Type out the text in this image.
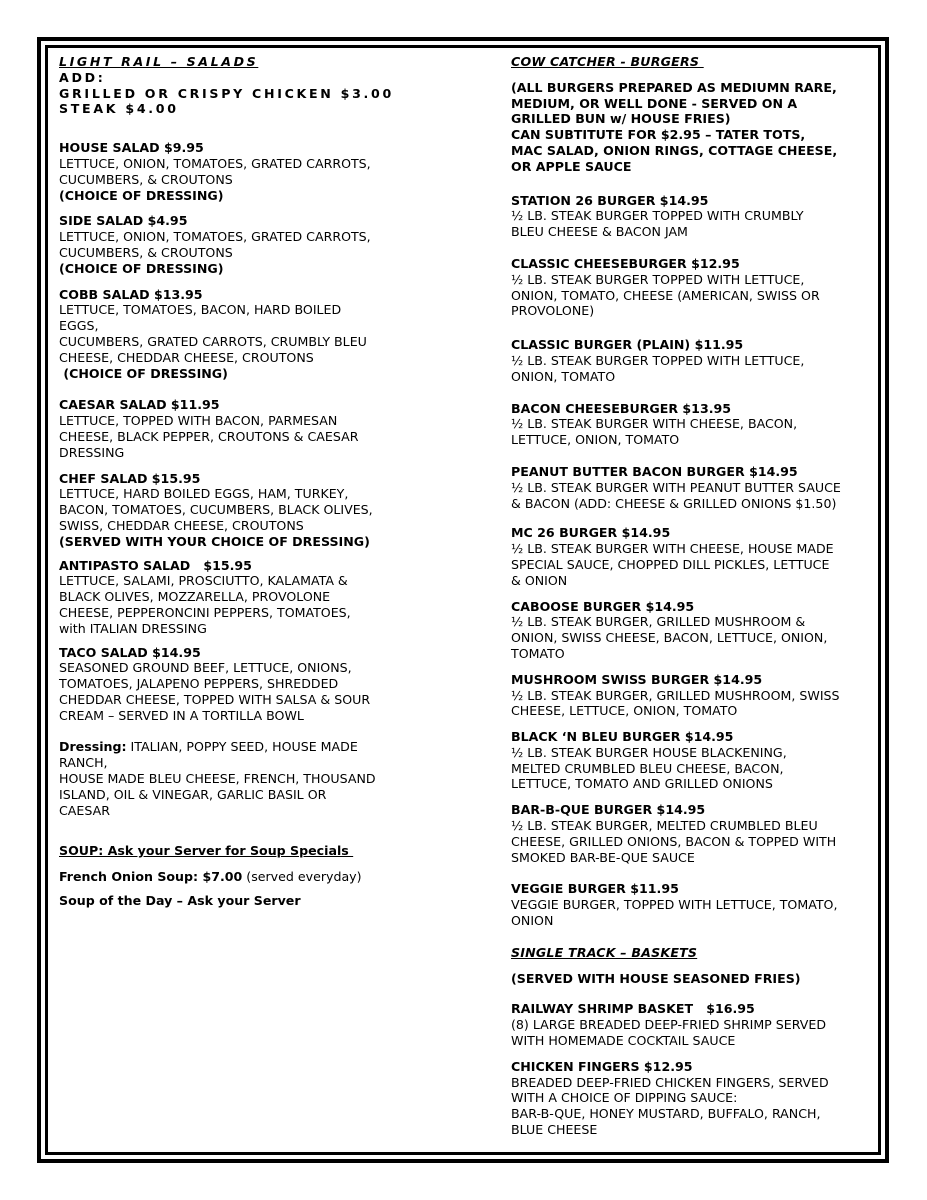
LIGHT RAIL – SALADS
ADD:
GRILLED OR CRISPY CHICKEN $3.00
STEAK $4.00
HOUSE SALAD $9.95
LETTUCE, ONION, TOMATOES, GRATED CARROTS,
CUCUMBERS, & CROUTONS
(CHOICE OF DRESSING)
SIDE SALAD $4.95
LETTUCE, ONION, TOMATOES, GRATED CARROTS,
CUCUMBERS, & CROUTONS
(CHOICE OF DRESSING)
COBB SALAD $13.95
LETTUCE, TOMATOES, BACON, HARD BOILED
EGGS,
CUCUMBERS, GRATED CARROTS, CRUMBLY BLEU
CHEESE, CHEDDAR CHEESE, CROUTONS
(CHOICE OF DRESSING)
CAESAR SALAD $11.95
LETTUCE, TOPPED WITH BACON, PARMESAN
CHEESE, BLACK PEPPER, CROUTONS & CAESAR
DRESSING
CHEF SALAD $15.95
LETTUCE, HARD BOILED EGGS, HAM, TURKEY,
BACON, TOMATOES, CUCUMBERS, BLACK OLIVES,
SWISS, CHEDDAR CHEESE, CROUTONS
(SERVED WITH YOUR CHOICE OF DRESSING)
ANTIPASTO SALAD   $15.95
LETTUCE, SALAMI, PROSCIUTTO, KALAMATA &
BLACK OLIVES, MOZZARELLA, PROVOLONE
CHEESE, PEPPERONCINI PEPPERS, TOMATOES,
with ITALIAN DRESSING
TACO SALAD $14.95
SEASONED GROUND BEEF, LETTUCE, ONIONS,
TOMATOES, JALAPENO PEPPERS, SHREDDED
CHEDDAR CHEESE, TOPPED WITH SALSA & SOUR
CREAM – SERVED IN A TORTILLA BOWL
Dressing: ITALIAN, POPPY SEED, HOUSE MADE
RANCH,
HOUSE MADE BLEU CHEESE, FRENCH, THOUSAND
ISLAND, OIL & VINEGAR, GARLIC BASIL OR
CAESAR
SOUP: Ask your Server for Soup Specials
French Onion Soup: $7.00 (served everyday)
Soup of the Day – Ask your Server
COW CATCHER - BURGERS
(ALL BURGERS PREPARED AS MEDIUMN RARE,
MEDIUM, OR WELL DONE - SERVED ON A
GRILLED BUN w/ HOUSE FRIES)
CAN SUBTITUTE FOR $2.95 – TATER TOTS,
MAC SALAD, ONION RINGS, COTTAGE CHEESE,
OR APPLE SAUCE
STATION 26 BURGER $14.95
½ LB. STEAK BURGER TOPPED WITH CRUMBLY
BLEU CHEESE & BACON JAM
CLASSIC CHEESEBURGER $12.95
½ LB. STEAK BURGER TOPPED WITH LETTUCE,
ONION, TOMATO, CHEESE (AMERICAN, SWISS OR
PROVOLONE)
CLASSIC BURGER (PLAIN) $11.95
½ LB. STEAK BURGER TOPPED WITH LETTUCE,
ONION, TOMATO
BACON CHEESEBURGER $13.95
½ LB. STEAK BURGER WITH CHEESE, BACON,
LETTUCE, ONION, TOMATO
PEANUT BUTTER BACON BURGER $14.95
½ LB. STEAK BURGER WITH PEANUT BUTTER SAUCE
& BACON (ADD: CHEESE & GRILLED ONIONS $1.50)
MC 26 BURGER $14.95
½ LB. STEAK BURGER WITH CHEESE, HOUSE MADE
SPECIAL SAUCE, CHOPPED DILL PICKLES, LETTUCE
& ONION
CABOOSE BURGER $14.95
½ LB. STEAK BURGER, GRILLED MUSHROOM &
ONION, SWISS CHEESE, BACON, LETTUCE, ONION,
TOMATO
MUSHROOM SWISS BURGER $14.95
½ LB. STEAK BURGER, GRILLED MUSHROOM, SWISS
CHEESE, LETTUCE, ONION, TOMATO
BLACK ‘N BLEU BURGER $14.95
½ LB. STEAK BURGER HOUSE BLACKENING,
MELTED CRUMBLED BLEU CHEESE, BACON,
LETTUCE, TOMATO AND GRILLED ONIONS
BAR-B-QUE BURGER $14.95
½ LB. STEAK BURGER, MELTED CRUMBLED BLEU
CHEESE, GRILLED ONIONS, BACON & TOPPED WITH
SMOKED BAR-BE-QUE SAUCE
VEGGIE BURGER $11.95
VEGGIE BURGER, TOPPED WITH LETTUCE, TOMATO,
ONION
SINGLE TRACK – BASKETS
(SERVED WITH HOUSE SEASONED FRIES)
RAILWAY SHRIMP BASKET   $16.95
(8) LARGE BREADED DEEP-FRIED SHRIMP SERVED
WITH HOMEMADE COCKTAIL SAUCE
CHICKEN FINGERS $12.95
BREADED DEEP-FRIED CHICKEN FINGERS, SERVED
WITH A CHOICE OF DIPPING SAUCE:
BAR-B-QUE, HONEY MUSTARD, BUFFALO, RANCH,
BLUE CHEESE
